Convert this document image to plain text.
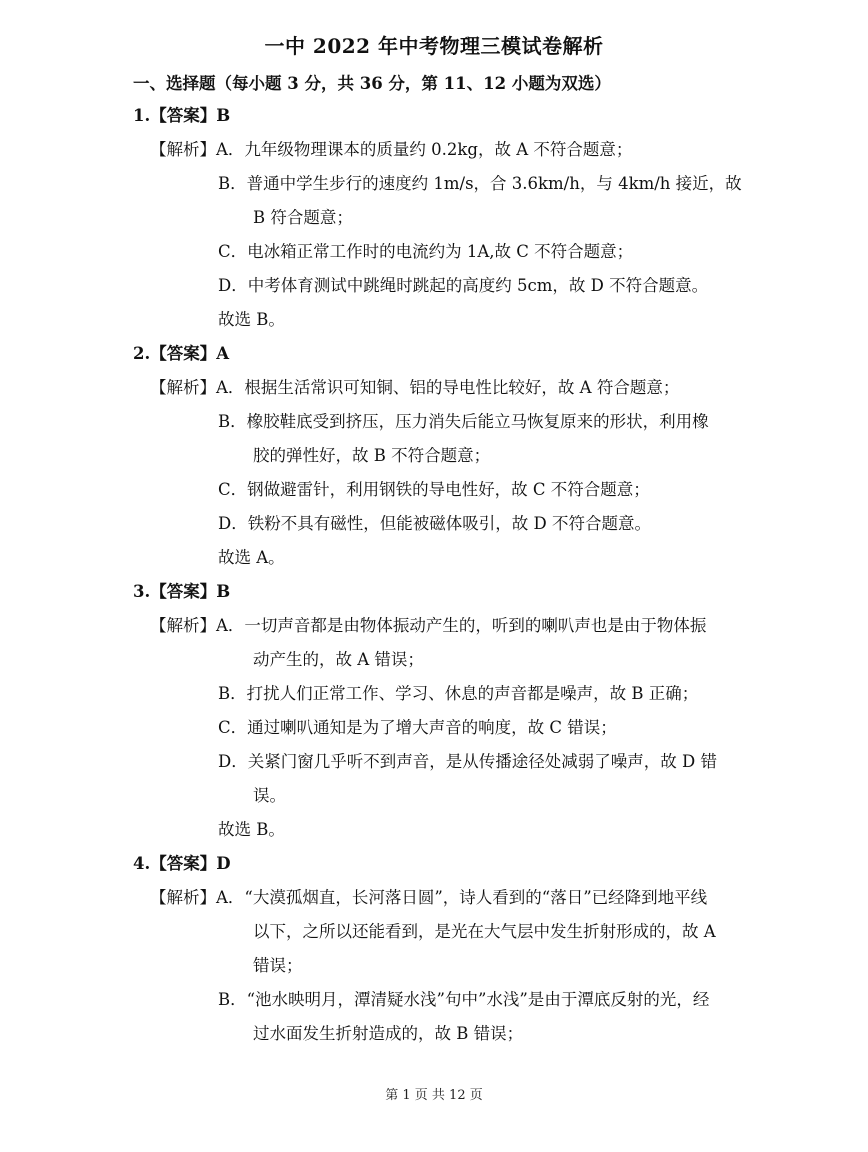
一中 2022 年中考物理三模试卷解析
一、选择题（每小题 3 分，共 36 分，第 11、12 小题为双选）
1.【答案】B
【解析】A．九年级物理课本的质量约 0.2kg，故 A 不符合题意；
B．普通中学生步行的速度约 1m/s，合 3.6km/h，与 4km/h 接近，故
B 符合题意；
C．电冰箱正常工作时的电流约为 1A,故 C 不符合题意；
D．中考体育测试中跳绳时跳起的高度约 5cm，故 D 不符合题意。
故选 B。
2.【答案】A
【解析】A．根据生活常识可知铜、铝的导电性比较好，故 A 符合题意；
B．橡胶鞋底受到挤压，压力消失后能立马恢复原来的形状，利用橡
胶的弹性好，故 B 不符合题意；
C．钢做避雷针，利用钢铁的导电性好，故 C 不符合题意；
D．铁粉不具有磁性，但能被磁体吸引，故 D 不符合题意。
故选 A。
3.【答案】B
【解析】A．一切声音都是由物体振动产生的，听到的喇叭声也是由于物体振
动产生的，故 A 错误；
B．打扰人们正常工作、学习、休息的声音都是噪声，故 B 正确；
C．通过喇叭通知是为了增大声音的响度，故 C 错误；
D．关紧门窗几乎听不到声音，是从传播途径处减弱了噪声，故 D 错
误。
故选 B。
4.【答案】D
【解析】A．“大漠孤烟直，长河落日圆”，诗人看到的“落日”已经降到地平线
以下，之所以还能看到，是光在大气层中发生折射形成的，故 A
错误；
B．“池水映明月，潭清疑水浅”句中”水浅”是由于潭底反射的光，经
过水面发生折射造成的，故 B 错误；
第 1 页 共 12 页
